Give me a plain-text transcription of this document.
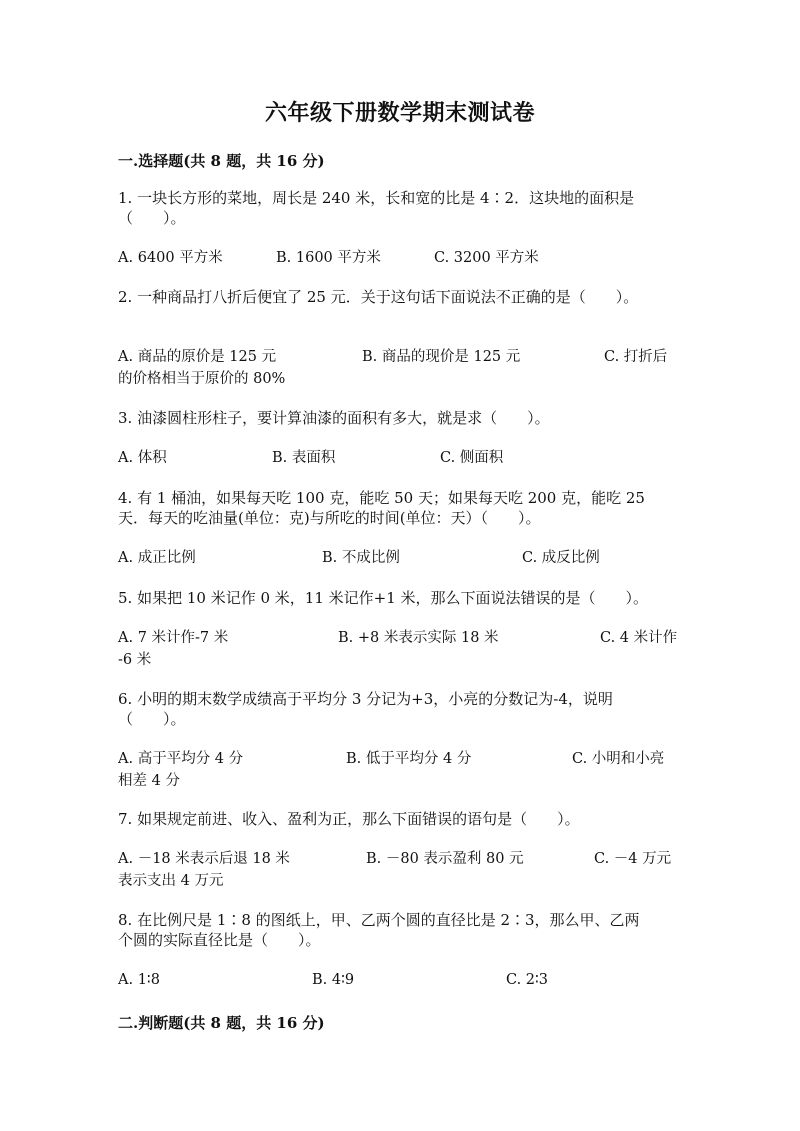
六年级下册数学期末测试卷
一.选择题(共 8 题，共 16 分)
1. 一块长方形的菜地，周长是 240 米，长和宽的比是 4∶2．这块地的面积是
（　　）。
A. 6400 平方米	B. 1600 平方米	C. 3200 平方米
2. 一种商品打八折后便宜了 25 元．关于这句话下面说法不正确的是（　　）。
A. 商品的原价是 125 元	B. 商品的现价是 125 元	C. 打折后
的价格相当于原价的 80%
3. 油漆圆柱形柱子，要计算油漆的面积有多大，就是求（　　）。
A. 体积	B. 表面积	C. 侧面积
4. 有 1 桶油，如果每天吃 100 克，能吃 50 天；如果每天吃 200 克，能吃 25
天．每天的吃油量(单位：克)与所吃的时间(单位：天）（　　）。
A. 成正比例	B. 不成比例	C. 成反比例
5. 如果把 10 米记作 0 米，11 米记作+1 米，那么下面说法错误的是（　　）。
A. 7 米计作-7 米	B. +8 米表示实际 18 米	C. 4 米计作
-6 米
6. 小明的期末数学成绩高于平均分 3 分记为+3，小亮的分数记为-4，说明
（　　）。
A. 高于平均分 4 分	B. 低于平均分 4 分	C. 小明和小亮
相差 4 分
7. 如果规定前进、收入、盈利为正，那么下面错误的语句是（　　）。
A. －18 米表示后退 18 米	B. －80 表示盈利 80 元	C. －4 万元
表示支出 4 万元
8. 在比例尺是 1∶8 的图纸上，甲、乙两个圆的直径比是 2∶3，那么甲、乙两
个圆的实际直径比是（　　）。
A. 1∶8	B. 4∶9	C. 2∶3
二.判断题(共 8 题，共 16 分)
